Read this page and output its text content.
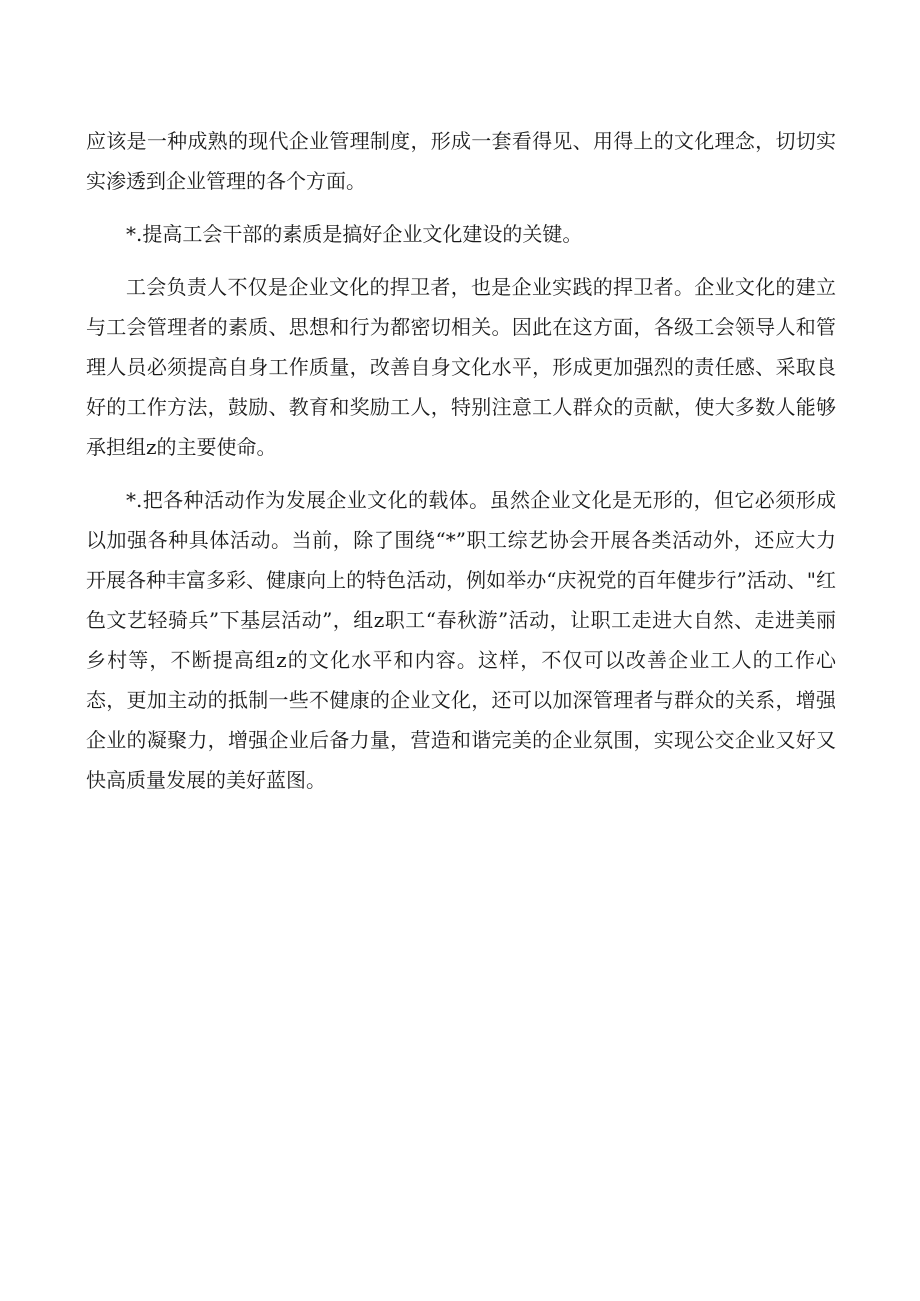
应该是一种成熟的现代企业管理制度，形成一套看得见、用得上的文化理念，切切实实渗透到企业管理的各个方面。

*.提高工会干部的素质是搞好企业文化建设的关键。

工会负责人不仅是企业文化的捍卫者，也是企业实践的捍卫者。企业文化的建立与工会管理者的素质、思想和行为都密切相关。因此在这方面，各级工会领导人和管理人员必须提高自身工作质量，改善自身文化水平，形成更加强烈的责任感、采取良好的工作方法，鼓励、教育和奖励工人，特别注意工人群众的贡献，使大多数人能够承担组z的主要使命。

*.把各种活动作为发展企业文化的载体。虽然企业文化是无形的，但它必须形成以加强各种具体活动。当前，除了围绕“*”职工综艺协会开展各类活动外，还应大力开展各种丰富多彩、健康向上的特色活动，例如举办“庆祝党的百年健步行”活动、"红色文艺轻骑兵”下基层活动”，组z职工“春秋游”活动，让职工走进大自然、走进美丽乡村等，不断提高组z的文化水平和内容。这样，不仅可以改善企业工人的工作心态，更加主动的抵制一些不健康的企业文化，还可以加深管理者与群众的关系，增强企业的凝聚力，增强企业后备力量，营造和谐完美的企业氛围，实现公交企业又好又快高质量发展的美好蓝图。
